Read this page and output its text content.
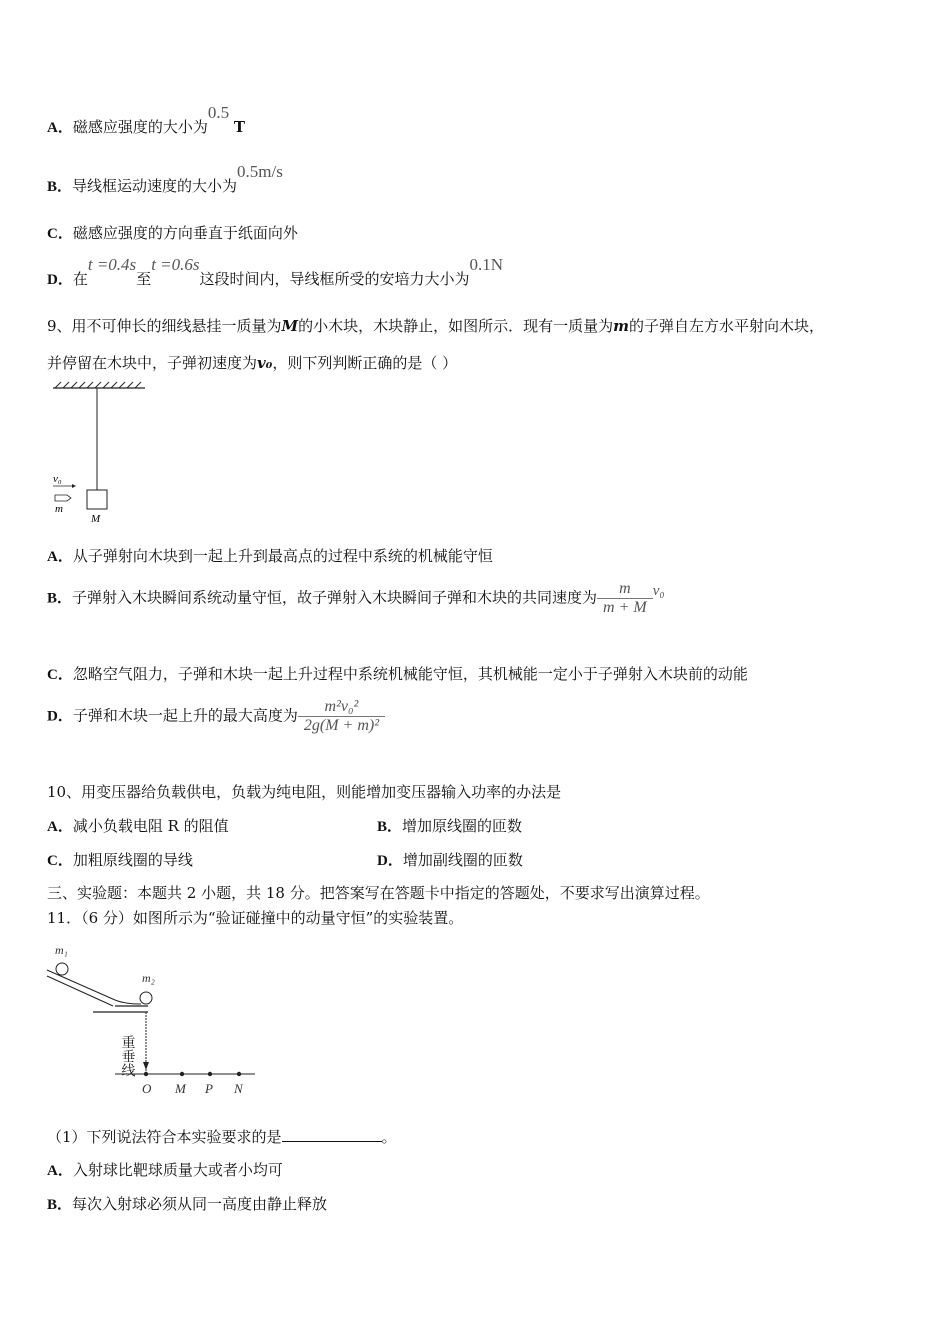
A．磁感应强度的大小为0.5 T
B．导线框运动速度的大小为0.5m/s
C．磁感应强度的方向垂直于纸面向外
D．在t =0.4s至t =0.6s这段时间内，导线框所受的安培力大小为0.1N
9、用不可伸长的细线悬挂一质量为M的小木块，木块静止，如图所示．现有一质量为m的子弹自左方水平射向木块，
并停留在木块中，子弹初速度为v₀，则下列判断正确的是（ ）
v₀
m
M
A．从子弹射向木块到一起上升到最高点的过程中系统的机械能守恒
B．子弹射入木块瞬间系统动量守恒，故子弹射入木块瞬间子弹和木块的共同速度为 $\frac{m}{m + M} v_0$
C．忽略空气阻力，子弹和木块一起上升过程中系统机械能守恒，其机械能一定小于子弹射入木块前的动能
D．子弹和木块一起上升的最大高度为 $\frac{\text{m²v₀²}}{\text{2g(M + m)²}}$
10、用变压器给负载供电，负载为纯电阻，则能增加变压器输入功率的办法是
A．减小负载电阻 R 的阻值	B．增加原线圈的匝数
C．加粗原线圈的导线	D．增加副线圈的匝数
三、实验题：本题共 2 小题，共 18 分。把答案写在答题卡中指定的答题处，不要求写出演算过程。
11．（6 分）如图所示为“验证碰撞中的动量守恒”的实验装置。
m₁
m₂
重垂线
O M P N
（1）下列说法符合本实验要求的是	。
A．入射球比靶球质量大或者小均可
B．每次入射球必须从同一高度由静止释放
